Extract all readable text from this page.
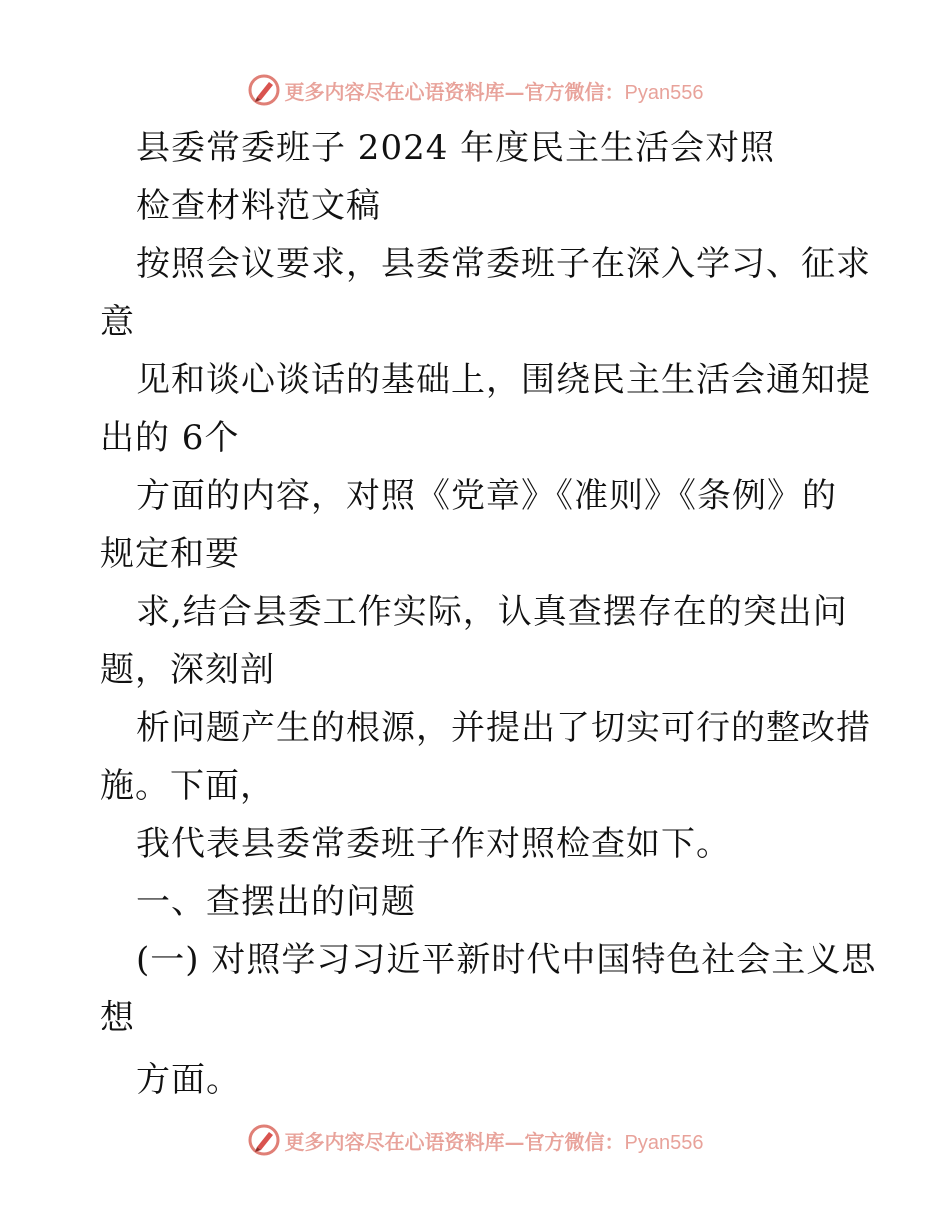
更多内容尽在心语资料库—官方微信：Pyan556
县委常委班子 2024 年度民主生活会对照
检查材料范文稿
按照会议要求，县委常委班子在深入学习、征求
意
见和谈心谈话的基础上，围绕民主生活会通知提
出的 6个
方面的内容，对照《党章》《准则》《条例》的
规定和要
求,结合县委工作实际，认真查摆存在的突出问
题，深刻剖
析问题产生的根源，并提出了切实可行的整改措
施。下面，
我代表县委常委班子作对照检查如下。
一、查摆出的问题
(一) 对照学习习近平新时代中国特色社会主义思
想
方面。
更多内容尽在心语资料库—官方微信：Pyan556
